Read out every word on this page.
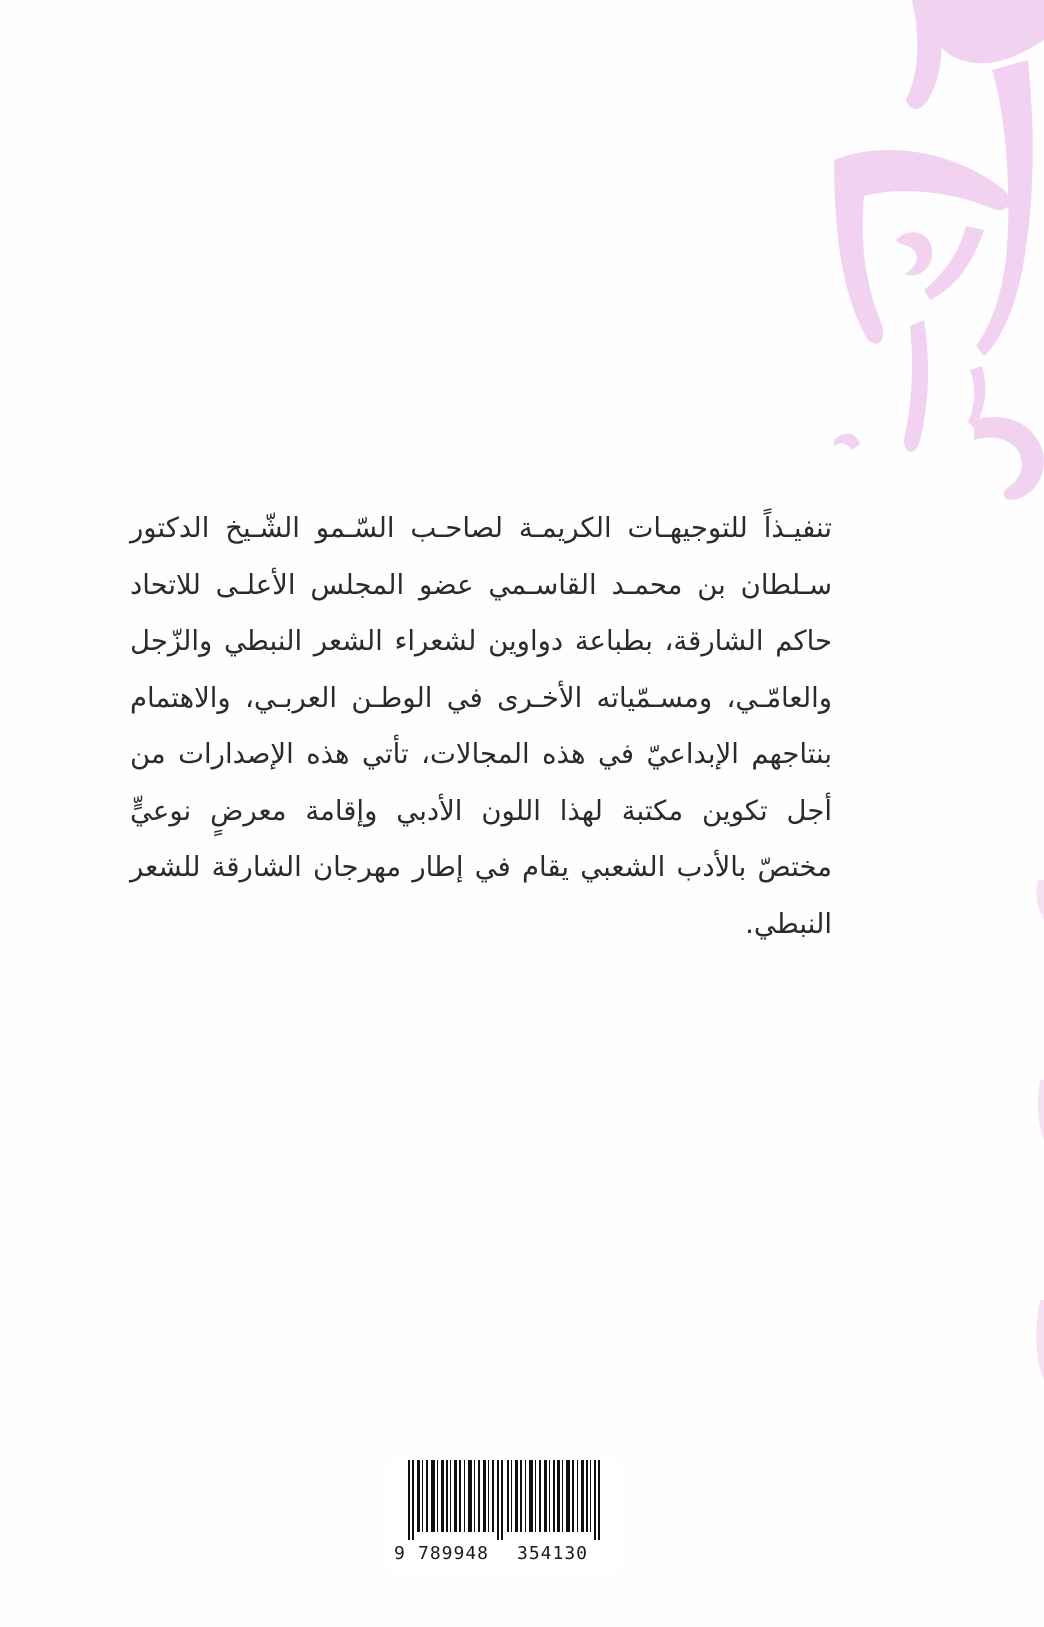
تنفيـذاً للتوجيهـات الكريمـة لصاحـب السّـمو الشّـيخ الدكتور سـلطان بن محمـد القاسـمي عضو المجلس الأعلـى للاتحاد حاكم الشارقة، بطباعة دواوين لشعراء الشعر النبطي والزّجل والعامّـي، ومسـمّياته الأخـرى في الوطـن العربـي، والاهتمام بنتاجهم الإبداعيّ في هذه المجالات، تأتي هذه الإصدارات من أجل تكوين مكتبة لهذا اللون الأدبي وإقامة معرضٍ نوعيٍّ مختصّ بالأدب الشعبي يقام في إطار مهرجان الشارقة للشعر النبطي.

9 789948 354130
